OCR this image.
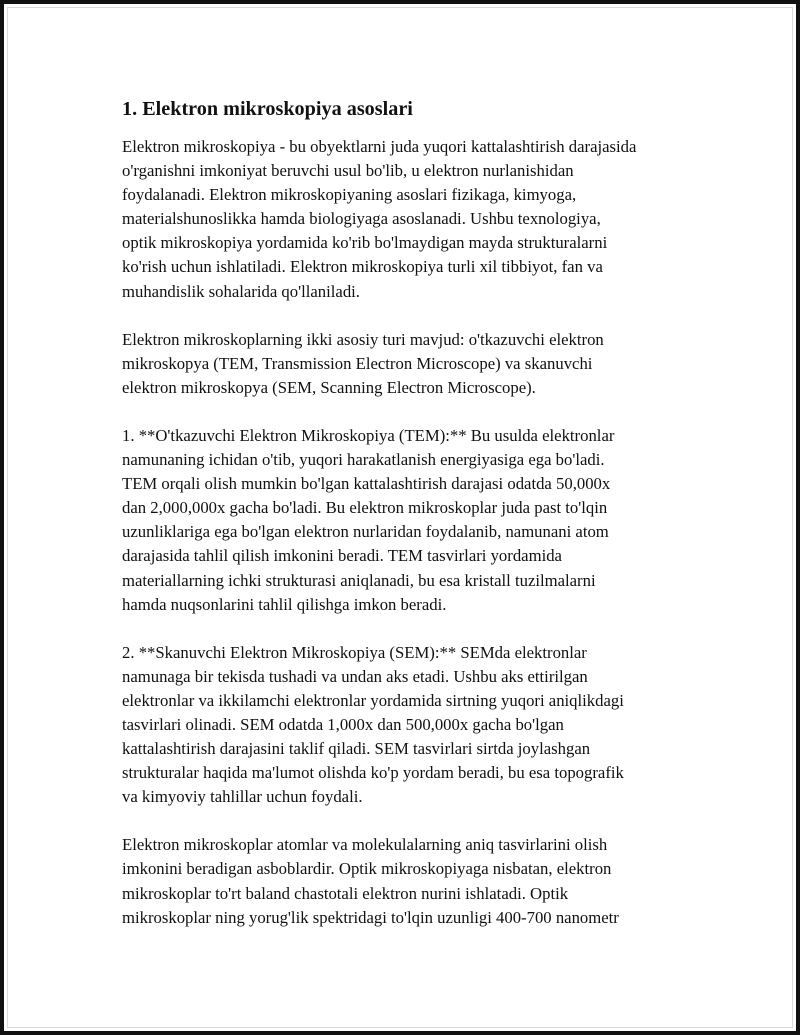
1. Elektron mikroskopiya asoslari

Elektron mikroskopiya - bu obyektlarni juda yuqori kattalashtirish darajasida
o'rganishni imkoniyat beruvchi usul bo'lib, u elektron nurlanishidan
foydalanadi. Elektron mikroskopiyaning asoslari fizikaga, kimyoga,
materialshunoslikka hamda biologiyaga asoslanadi. Ushbu texnologiya,
optik mikroskopiya yordamida ko'rib bo'lmaydigan mayda strukturalarni
ko'rish uchun ishlatiladi. Elektron mikroskopiya turli xil tibbiyot, fan va
muhandislik sohalarida qo'llaniladi.

Elektron mikroskoplarning ikki asosiy turi mavjud: o'tkazuvchi elektron
mikroskopya (TEM, Transmission Electron Microscope) va skanuvchi
elektron mikroskopya (SEM, Scanning Electron Microscope).

1. **O'tkazuvchi Elektron Mikroskopiya (TEM):** Bu usulda elektronlar
namunaning ichidan o'tib, yuqori harakatlanish energiyasiga ega bo'ladi.
TEM orqali olish mumkin bo'lgan kattalashtirish darajasi odatda 50,000x
dan 2,000,000x gacha bo'ladi. Bu elektron mikroskoplar juda past to'lqin
uzunliklariga ega bo'lgan elektron nurlaridan foydalanib, namunani atom
darajasida tahlil qilish imkonini beradi. TEM tasvirlari yordamida
materiallarning ichki strukturasi aniqlanadi, bu esa kristall tuzilmalarni
hamda nuqsonlarini tahlil qilishga imkon beradi.

2. **Skanuvchi Elektron Mikroskopiya (SEM):** SEMda elektronlar
namunaga bir tekisda tushadi va undan aks etadi. Ushbu aks ettirilgan
elektronlar va ikkilamchi elektronlar yordamida sirtning yuqori aniqlikdagi
tasvirlari olinadi. SEM odatda 1,000x dan 500,000x gacha bo'lgan
kattalashtirish darajasini taklif qiladi. SEM tasvirlari sirtda joylashgan
strukturalar haqida ma'lumot olishda ko'p yordam beradi, bu esa topografik
va kimyoviy tahlillar uchun foydali.

Elektron mikroskoplar atomlar va molekulalarning aniq tasvirlarini olish
imkonini beradigan asboblardir. Optik mikroskopiyaga nisbatan, elektron
mikroskoplar to'rt baland chastotali elektron nurini ishlatadi. Optik
mikroskoplar ning yorug'lik spektridagi to'lqin uzunligi 400-700 nanometr
